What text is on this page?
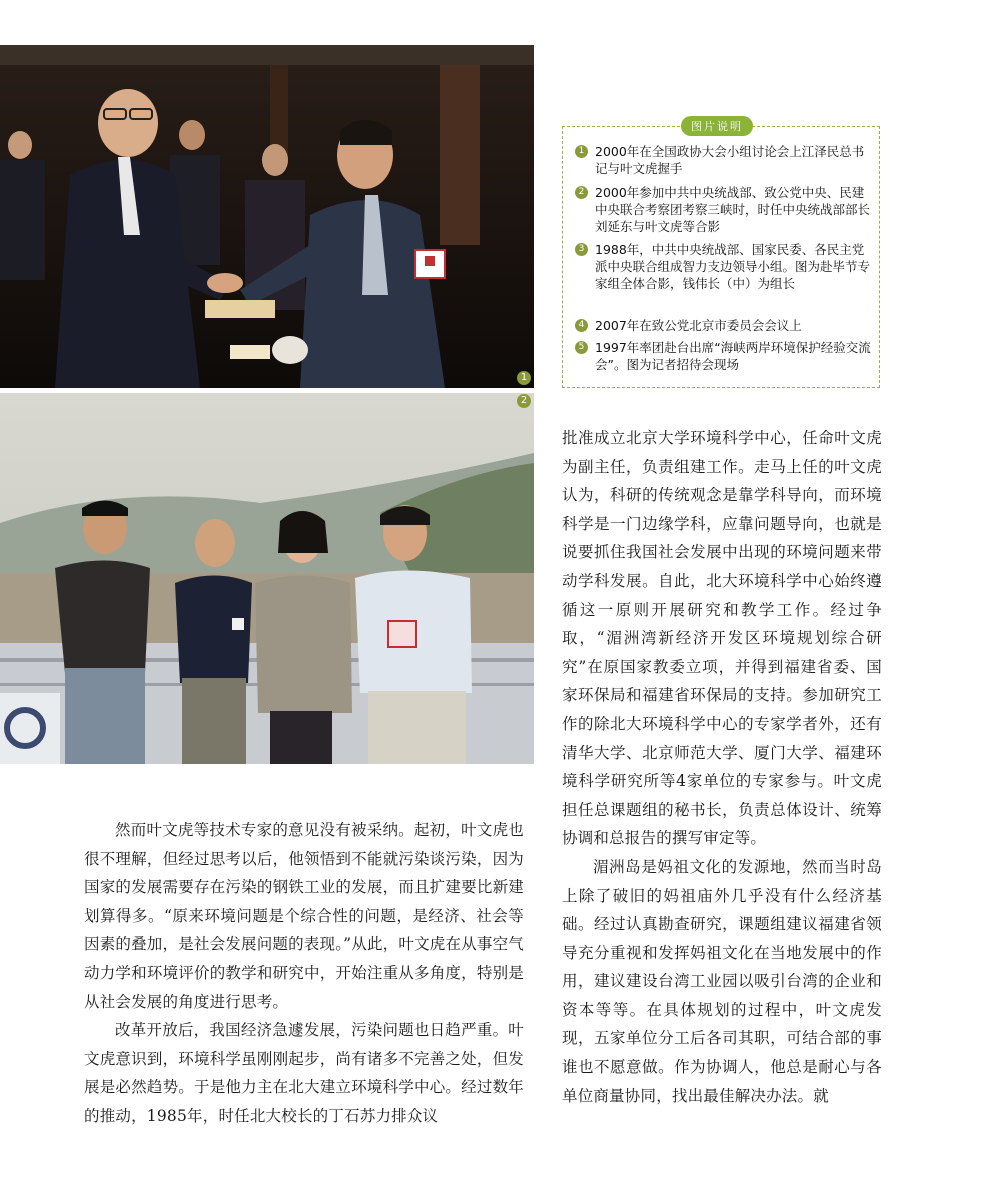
1
2
图片说明
1 2000年在全国政协大会小组讨论会上江泽民总书记与叶文虎握手
2 2000年参加中共中央统战部、致公党中央、民建中央联合考察团考察三峡时，时任中央统战部部长刘延东与叶文虎等合影
3 1988年，中共中央统战部、国家民委、各民主党派中央联合组成智力支边领导小组。图为赴毕节专家组全体合影，钱伟长（中）为组长
4 2007年在致公党北京市委员会会议上
5 1997年率团赴台出席“海峡两岸环境保护经验交流会”。图为记者招待会现场

批准成立北京大学环境科学中心，任命叶文虎为副主任，负责组建工作。走马上任的叶文虎认为，科研的传统观念是靠学科导向，而环境科学是一门边缘学科，应靠问题导向，也就是说要抓住我国社会发展中出现的环境问题来带动学科发展。自此，北大环境科学中心始终遵循这一原则开展研究和教学工作。经过争取，“湄洲湾新经济开发区环境规划综合研究”在原国家教委立项，并得到福建省委、国家环保局和福建省环保局的支持。参加研究工作的除北大环境科学中心的专家学者外，还有清华大学、北京师范大学、厦门大学、福建环境科学研究所等4家单位的专家参与。叶文虎担任总课题组的秘书长，负责总体设计、统筹协调和总报告的撰写审定等。

湄洲岛是妈祖文化的发源地，然而当时岛上除了破旧的妈祖庙外几乎没有什么经济基础。经过认真勘查研究，课题组建议福建省领导充分重视和发挥妈祖文化在当地发展中的作用，建议建设台湾工业园以吸引台湾的企业和资本等等。在具体规划的过程中，叶文虎发现，五家单位分工后各司其职，可结合部的事谁也不愿意做。作为协调人，他总是耐心与各单位商量协同，找出最佳解决办法。就

然而叶文虎等技术专家的意见没有被采纳。起初，叶文虎也很不理解，但经过思考以后，他领悟到不能就污染谈污染，因为国家的发展需要存在污染的钢铁工业的发展，而且扩建要比新建划算得多。“原来环境问题是个综合性的问题，是经济、社会等因素的叠加，是社会发展问题的表现。”从此，叶文虎在从事空气动力学和环境评价的教学和研究中，开始注重从多角度，特别是从社会发展的角度进行思考。

改革开放后，我国经济急遽发展，污染问题也日趋严重。叶文虎意识到，环境科学虽刚刚起步，尚有诸多不完善之处，但发展是必然趋势。于是他力主在北大建立环境科学中心。经过数年的推动，1985年，时任北大校长的丁石苏力排众议
